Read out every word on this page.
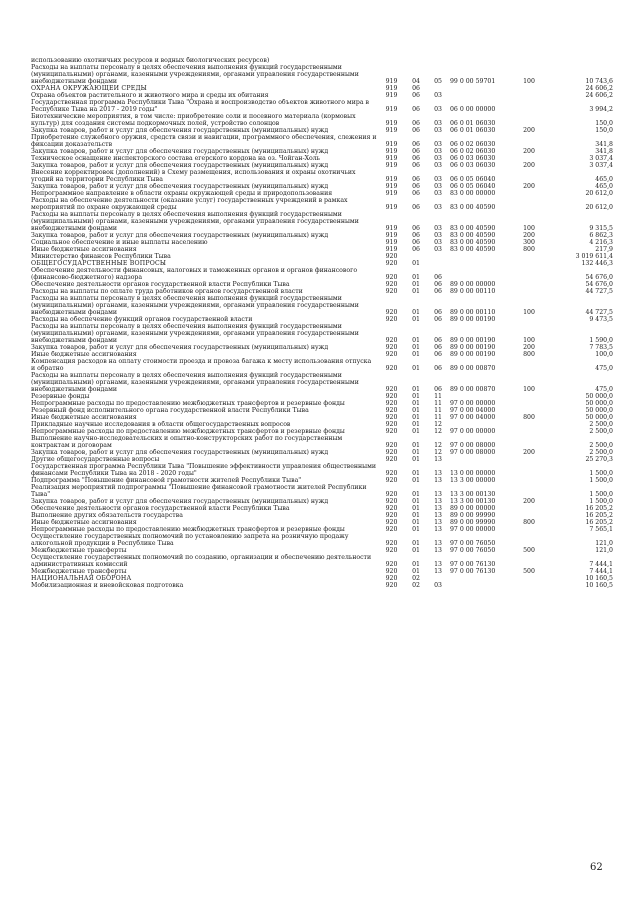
использованию охотничьих ресурсов и водных биологических ресурсов)						
Расходы на выплаты персоналу в целях обеспечения выполнения функций государственными (муниципальными) органами, казенными учреждениями, органами управления государственными внебюджетными фондами	919	04	05	99 0 00 59701	100	10 743,6
ОХРАНА ОКРУЖАЮЩЕЙ СРЕДЫ	919	06				24 606,2
Охрана объектов растительного и животного мира и среды их обитания	919	06	03			24 606,2
Государственная программа Республики Тыва "Охрана и воспроизводство объектов животного мира в Республике Тыва на 2017 - 2019 годы"	919	06	03	06 0 00 00000		3 994,2
Биотехнические мероприятия, в том числе: приобретение соли и посевного материала (кормовых культур) для создания системы подкормочных полей, устройство солонцов	919	06	03	06 0 01 06030		150,0
Закупка товаров, работ и услуг для обеспечения государственных (муниципальных) нужд	919	06	03	06 0 01 06030	200	150,0
Приобретение служебного оружия, средств связи и навигации, программного обеспечения, слежения и фиксации доказательств	919	06	03	06 0 02 06030		341,8
Закупка товаров, работ и услуг для обеспечения государственных (муниципальных) нужд	919	06	03	06 0 02 06030	200	341,8
Техническое оснащение инспекторского состава егерского кордона на оз. Чойган-Холь	919	06	03	06 0 03 06030		3 037,4
Закупка товаров, работ и услуг для обеспечения государственных (муниципальных) нужд	919	06	03	06 0 03 06030	200	3 037,4
Внесение корректировок (дополнений) в Схему размещения, использования и охраны охотничьих угодий на территории Республики Тыва	919	06	03	06 0 05 06040		465,0
Закупка товаров, работ и услуг для обеспечения государственных (муниципальных) нужд	919	06	03	06 0 05 06040	200	465,0
Непрограммное направление в области охраны окружающей среды и природопользования	919	06	03	83 0 00 00000		20 612,0
Расходы на обеспечение деятельности (оказание услуг) государственных учреждений в рамках мероприятий по охране окружающей среды	919	06	03	83 0 00 40590		20 612,0
Расходы на выплаты персоналу в целях обеспечения выполнения функций государственными (муниципальными) органами, казенными учреждениями, органами управления государственными внебюджетными фондами	919	06	03	83 0 00 40590	100	9 315,5
Закупка товаров, работ и услуг для обеспечения государственных (муниципальных) нужд	919	06	03	83 0 00 40590	200	6 862,3
Социальное обеспечение и иные выплаты населению	919	06	03	83 0 00 40590	300	4 216,3
Иные бюджетные ассигнования	919	06	03	83 0 00 40590	800	217,9
Министерство финансов Республики Тыва	920					3 019 611,4
ОБЩЕГОСУДАРСТВЕННЫЕ ВОПРОСЫ	920	01				132 446,3
Обеспечение деятельности финансовых, налоговых и таможенных органов и органов финансового (финансово-бюджетного) надзора	920	01	06			54 676,0
Обеспечение деятельности органов государственной власти Республики Тыва	920	01	06	89 0 00 00000		54 676,0
Расходы на выплаты по оплате труда работников органов государственной власти	920	01	06	89 0 00 00110		44 727,5
Расходы на выплаты персоналу в целях обеспечения выполнения функций государственными (муниципальными) органами, казенными учреждениями, органами управления государственными внебюджетными фондами	920	01	06	89 0 00 00110	100	44 727,5
Расходы на обеспечение функций органов государственной власти	920	01	06	89 0 00 00190		9 473,5
Расходы на выплаты персоналу в целях обеспечения выполнения функций государственными (муниципальными) органами, казенными учреждениями, органами управления государственными внебюджетными фондами	920	01	06	89 0 00 00190	100	1 590,0
Закупка товаров, работ и услуг для обеспечения государственных (муниципальных) нужд	920	01	06	89 0 00 00190	200	7 783,5
Иные бюджетные ассигнования	920	01	06	89 0 00 00190	800	100,0
Компенсация расходов на оплату стоимости проезда и провоза багажа к месту использования отпуска и обратно	920	01	06	89 0 00 00870		475,0
Расходы на выплаты персоналу в целях обеспечения выполнения функций государственными (муниципальными) органами, казенными учреждениями, органами управления государственными внебюджетными фондами	920	01	06	89 0 00 00870	100	475,0
Резервные фонды	920	01	11			50 000,0
Непрограммные расходы по предоставлению межбюджетных трансфертов и резервные фонды	920	01	11	97 0 00 00000		50 000,0
Резервный фонд исполнительного органа государственной власти Республики Тыва	920	01	11	97 0 00 04000		50 000,0
Иные бюджетные ассигнования	920	01	11	97 0 00 04000	800	50 000,0
Прикладные научные исследования в области общегосударственных вопросов	920	01	12			2 500,0
Непрограммные расходы по предоставлению межбюджетных трансфертов и резервные фонды	920	01	12	97 0 00 00000		2 500,0
Выполнение научно-исследовательских и опытно-конструкторских работ по государственным контрактам и договорам	920	01	12	97 0 00 08000		2 500,0
Закупка товаров, работ и услуг для обеспечения государственных (муниципальных) нужд	920	01	12	97 0 00 08000	200	2 500,0
Другие общегосударственные вопросы	920	01	13			25 270,3
Государственная программа Республики Тыва "Повышение эффективности управления общественными финансами Республики Тыва на 2018 - 2020 годы"	920	01	13	13 0 00 00000		1 500,0
Подпрограмма "Повышение финансовой грамотности жителей Республики Тыва"	920	01	13	13 3 00 00000		1 500,0
Реализация мероприятий подпрограммы "Повышение финансовой грамотности жителей Республики Тыва"	920	01	13	13 3 00 00130		1 500,0
Закупка товаров, работ и услуг для обеспечения государственных (муниципальных) нужд	920	01	13	13 3 00 00130	200	1 500,0
Обеспечение деятельности органов государственной власти Республики Тыва	920	01	13	89 0 00 00000		16 205,2
Выполнение других обязательств государства	920	01	13	89 0 00 99990		16 205,2
Иные бюджетные ассигнования	920	01	13	89 0 00 99990	800	16 205,2
Непрограммные расходы по предоставлению межбюджетных трансфертов и резервные фонды	920	01	13	97 0 00 00000		7 565,1
Осуществление государственных полномочий по установлению запрета на розничную продажу алкогольной продукции в Республике Тыва	920	01	13	97 0 00 76050		121,0
Межбюджетные трансферты	920	01	13	97 0 00 76050	500	121,0
Осуществление государственных полномочий по созданию, организации и обеспечению деятельности административных комиссий	920	01	13	97 0 00 76130		7 444,1
Межбюджетные трансферты	920	01	13	97 0 00 76130	500	7 444,1
НАЦИОНАЛЬНАЯ ОБОРОНА	920	02				10 160,5
Мобилизационная и вневойсковая подготовка	920	02	03			10 160,5
62
